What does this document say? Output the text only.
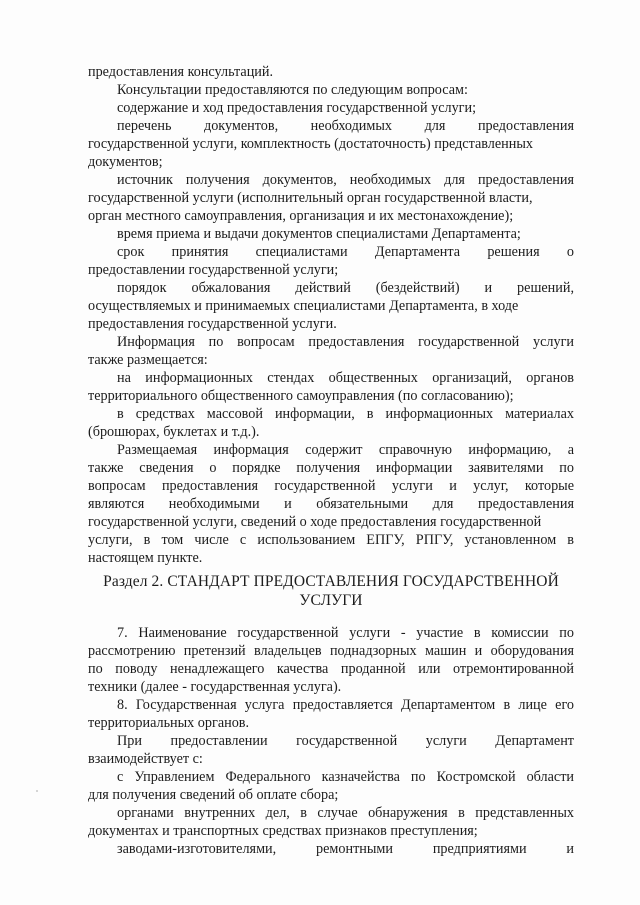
предоставления консультаций.
Консультации предоставляются по следующим вопросам:
содержание и ход предоставления государственной услуги;
перечень документов, необходимых для предоставления
государственной услуги, комплектность (достаточность) представленных
документов;
источник получения документов, необходимых для предоставления
государственной услуги (исполнительный орган государственной власти,
орган местного самоуправления, организация и их местонахождение);
время приема и выдачи документов специалистами Департамента;
срок принятия специалистами Департамента решения о
предоставлении государственной услуги;
порядок обжалования действий (бездействий) и решений,
осуществляемых и принимаемых специалистами Департамента, в ходе
предоставления государственной услуги.
Информация по вопросам предоставления государственной услуги
также размещается:
на информационных стендах общественных организаций, органов
территориального общественного самоуправления (по согласованию);
в средствах массовой информации, в информационных материалах
(брошюрах, буклетах и т.д.).
Размещаемая информация содержит справочную информацию, а
также сведения о порядке получения информации заявителями по
вопросам предоставления государственной услуги и услуг, которые
являются необходимыми и обязательными для предоставления
государственной услуги, сведений о ходе предоставления государственной
услуги, в том числе с использованием ЕПГУ, РПГУ, установленном в
настоящем пункте.
Раздел 2. СТАНДАРТ ПРЕДОСТАВЛЕНИЯ ГОСУДАРСТВЕННОЙ
УСЛУГИ
7. Наименование государственной услуги - участие в комиссии по
рассмотрению претензий владельцев поднадзорных машин и оборудования
по поводу ненадлежащего качества проданной или отремонтированной
техники (далее - государственная услуга).
8. Государственная услуга предоставляется Департаментом в лице его
территориальных органов.
При предоставлении государственной услуги Департамент
взаимодействует с:
с Управлением Федерального казначейства по Костромской области
для получения сведений об оплате сбора;
органами внутренних дел, в случае обнаружения в представленных
документах и транспортных средствах признаков преступления;
заводами-изготовителями, ремонтными предприятиями и
